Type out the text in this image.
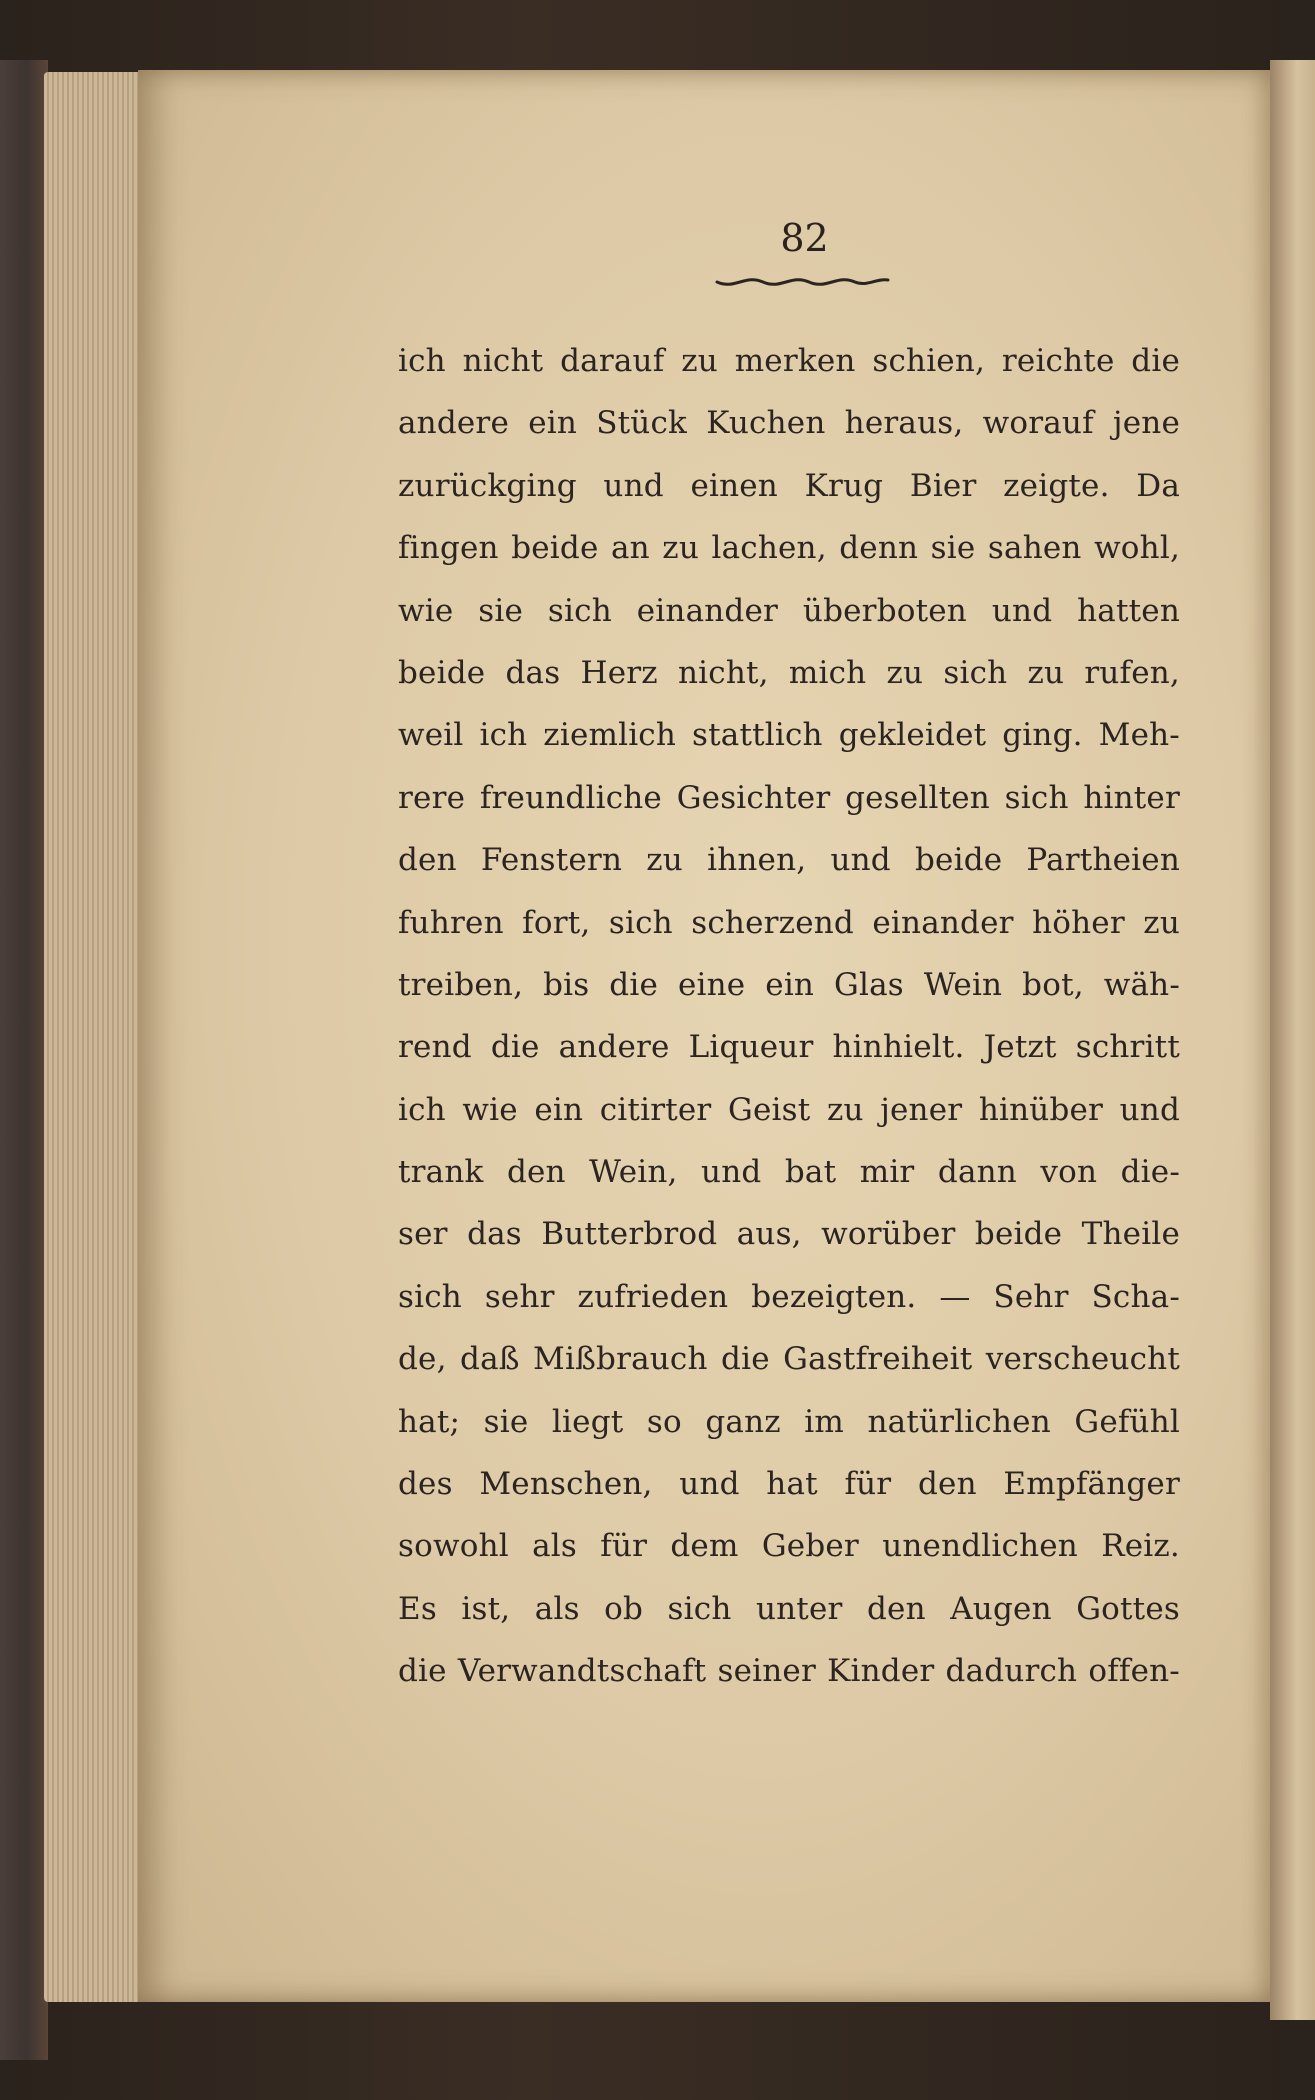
82
ich nicht darauf zu merken schien, reichte die
andere ein Stück Kuchen heraus, worauf jene
zurückging und einen Krug Bier zeigte. Da
fingen beide an zu lachen, denn sie sahen wohl,
wie sie sich einander überboten und hatten
beide das Herz nicht, mich zu sich zu rufen,
weil ich ziemlich stattlich gekleidet ging. Meh-
rere freundliche Gesichter gesellten sich hinter
den Fenstern zu ihnen, und beide Partheien
fuhren fort, sich scherzend einander höher zu
treiben, bis die eine ein Glas Wein bot, wäh-
rend die andere Liqueur hinhielt. Jetzt schritt
ich wie ein citirter Geist zu jener hinüber und
trank den Wein, und bat mir dann von die-
ser das Butterbrod aus, worüber beide Theile
sich sehr zufrieden bezeigten. — Sehr Scha-
de, daß Mißbrauch die Gastfreiheit verscheucht
hat; sie liegt so ganz im natürlichen Gefühl
des Menschen, und hat für den Empfänger
sowohl als für dem Geber unendlichen Reiz.
Es ist, als ob sich unter den Augen Gottes
die Verwandtschaft seiner Kinder dadurch offen-
